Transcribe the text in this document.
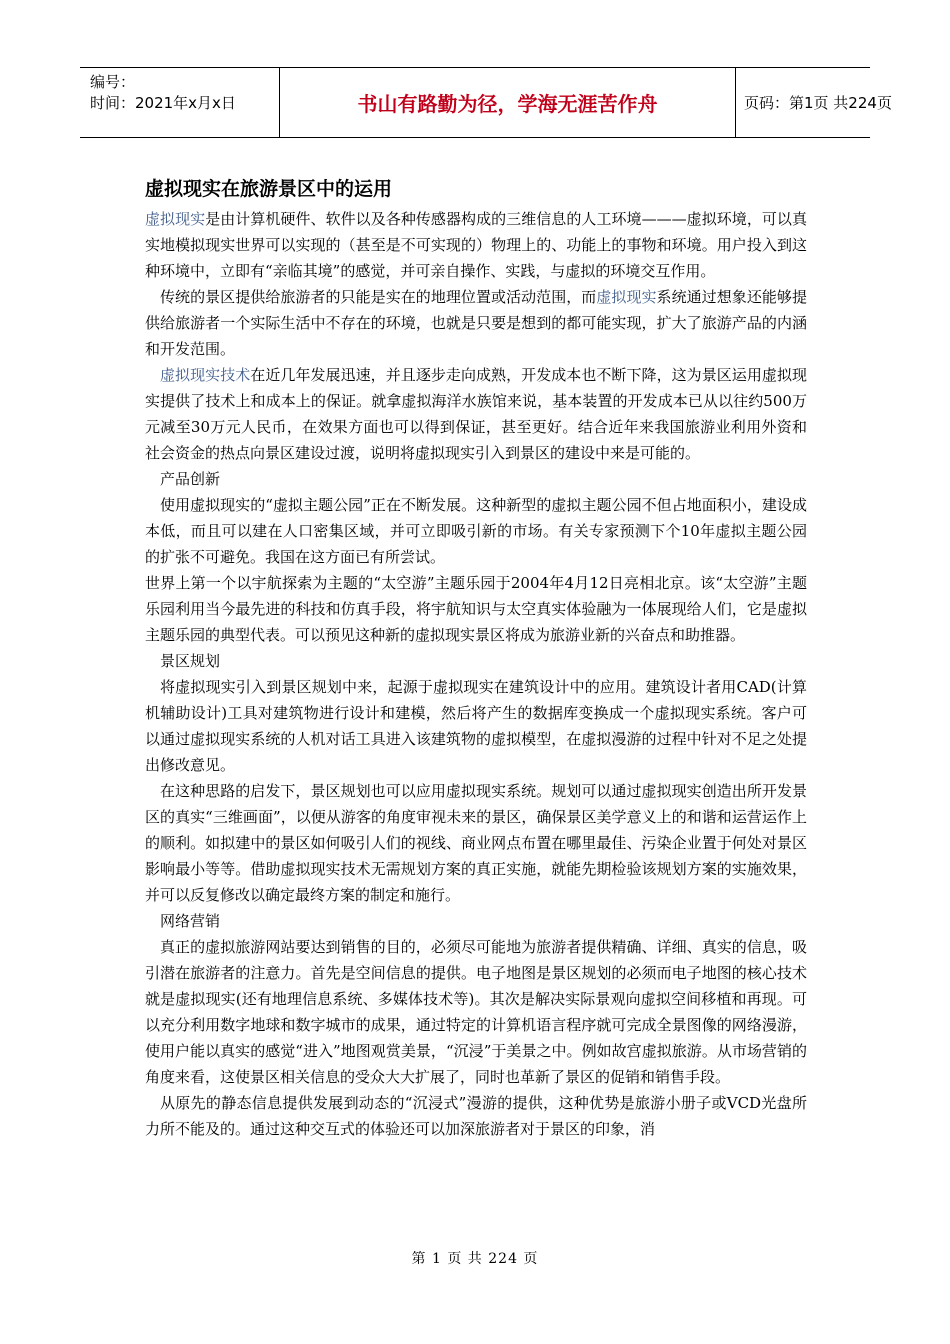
编号：
时间：2021年x月x日	书山有路勤为径，学海无涯苦作舟	页码：第1页 共224页
虚拟现实在旅游景区中的运用

虚拟现实是由计算机硬件、软件以及各种传感器构成的三维信息的人工环境———虚拟环境，可以真实地模拟现实世界可以实现的（甚至是不可实现的）物理上的、功能上的事物和环境。用户投入到这种环境中，立即有“亲临其境”的感觉，并可亲自操作、实践，与虚拟的环境交互作用。

传统的景区提供给旅游者的只能是实在的地理位置或活动范围，而虚拟现实系统通过想象还能够提供给旅游者一个实际生活中不存在的环境，也就是只要是想到的都可能实现，扩大了旅游产品的内涵和开发范围。

虚拟现实技术在近几年发展迅速，并且逐步走向成熟，开发成本也不断下降，这为景区运用虚拟现实提供了技术上和成本上的保证。就拿虚拟海洋水族馆来说，基本装置的开发成本已从以往约500万元减至30万元人民币，在效果方面也可以得到保证，甚至更好。结合近年来我国旅游业利用外资和社会资金的热点向景区建设过渡，说明将虚拟现实引入到景区的建设中来是可能的。

产品创新

使用虚拟现实的“虚拟主题公园”正在不断发展。这种新型的虚拟主题公园不但占地面积小，建设成本低，而且可以建在人口密集区域，并可立即吸引新的市场。有关专家预测下个10年虚拟主题公园的扩张不可避免。我国在这方面已有所尝试。

世界上第一个以宇航探索为主题的“太空游”主题乐园于2004年4月12日亮相北京。该“太空游”主题乐园利用当今最先进的科技和仿真手段，将宇航知识与太空真实体验融为一体展现给人们，它是虚拟主题乐园的典型代表。可以预见这种新的虚拟现实景区将成为旅游业新的兴奋点和助推器。

景区规划

将虚拟现实引入到景区规划中来，起源于虚拟现实在建筑设计中的应用。建筑设计者用CAD(计算机辅助设计)工具对建筑物进行设计和建模，然后将产生的数据库变换成一个虚拟现实系统。客户可以通过虚拟现实系统的人机对话工具进入该建筑物的虚拟模型，在虚拟漫游的过程中针对不足之处提出修改意见。

在这种思路的启发下，景区规划也可以应用虚拟现实系统。规划可以通过虚拟现实创造出所开发景区的真实“三维画面”，以便从游客的角度审视未来的景区，确保景区美学意义上的和谐和运营运作上的顺利。如拟建中的景区如何吸引人们的视线、商业网点布置在哪里最佳、污染企业置于何处对景区影响最小等等。借助虚拟现实技术无需规划方案的真正实施，就能先期检验该规划方案的实施效果，并可以反复修改以确定最终方案的制定和施行。

网络营销

真正的虚拟旅游网站要达到销售的目的，必须尽可能地为旅游者提供精确、详细、真实的信息，吸引潜在旅游者的注意力。首先是空间信息的提供。电子地图是景区规划的必须而电子地图的核心技术就是虚拟现实(还有地理信息系统、多媒体技术等)。其次是解决实际景观向虚拟空间移植和再现。可以充分利用数字地球和数字城市的成果，通过特定的计算机语言程序就可完成全景图像的网络漫游，使用户能以真实的感觉“进入”地图观赏美景，“沉浸”于美景之中。例如故宫虚拟旅游。从市场营销的角度来看，这使景区相关信息的受众大大扩展了，同时也革新了景区的促销和销售手段。

从原先的静态信息提供发展到动态的“沉浸式”漫游的提供，这种优势是旅游小册子或VCD光盘所力所不能及的。通过这种交互式的体验还可以加深旅游者对于景区的印象，消

第 1 页 共 224 页
